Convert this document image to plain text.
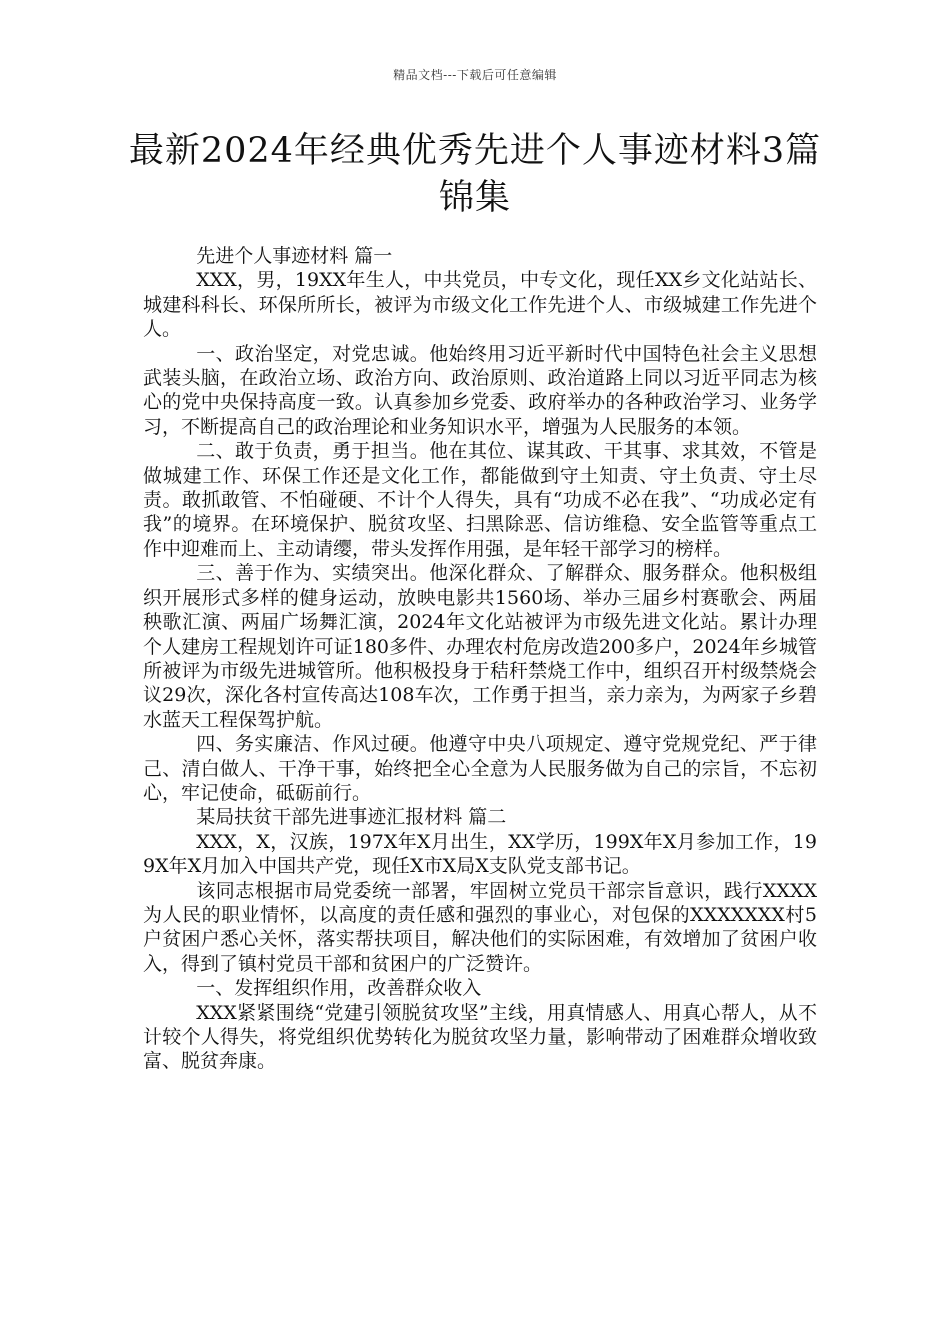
精品文档---下载后可任意编辑
最新2024年经典优秀先进个人事迹材料3篇锦集

先进个人事迹材料 篇一

XXX，男，19XX年生人，中共党员，中专文化，现任XX乡文化站站长、城建科科长、环保所所长，被评为市级文化工作先进个人、市级城建工作先进个人。

一、政治坚定，对党忠诚。他始终用习近平新时代中国特色社会主义思想武装头脑，在政治立场、政治方向、政治原则、政治道路上同以习近平同志为核心的党中央保持高度一致。认真参加乡党委、政府举办的各种政治学习、业务学习，不断提高自己的政治理论和业务知识水平，增强为人民服务的本领。

二、敢于负责，勇于担当。他在其位、谋其政、干其事、求其效，不管是做城建工作、环保工作还是文化工作，都能做到守土知责、守土负责、守土尽责。敢抓敢管、不怕碰硬、不计个人得失，具有“功成不必在我”、“功成必定有我”的境界。在环境保护、脱贫攻坚、扫黑除恶、信访维稳、安全监管等重点工作中迎难而上、主动请缨，带头发挥作用强，是年轻干部学习的榜样。

三、善于作为、实绩突出。他深化群众、了解群众、服务群众。他积极组织开展形式多样的健身运动，放映电影共1560场、举办三届乡村赛歌会、两届秧歌汇演、两届广场舞汇演，2024年文化站被评为市级先进文化站。累计办理个人建房工程规划许可证180多件、办理农村危房改造200多户，2024年乡城管所被评为市级先进城管所。他积极投身于秸秆禁烧工作中，组织召开村级禁烧会议29次，深化各村宣传高达108车次，工作勇于担当，亲力亲为，为两家子乡碧水蓝天工程保驾护航。

四、务实廉洁、作风过硬。他遵守中央八项规定、遵守党规党纪、严于律己、清白做人、干净干事，始终把全心全意为人民服务做为自己的宗旨，不忘初心，牢记使命，砥砺前行。

某局扶贫干部先进事迹汇报材料 篇二

XXX，X，汉族，197X年X月出生，XX学历，199X年X月参加工作，199X年X月加入中国共产党，现任X市X局X支队党支部书记。

该同志根据市局党委统一部署，牢固树立党员干部宗旨意识，践行XXXX为人民的职业情怀，以高度的责任感和强烈的事业心，对包保的XXXXXXX村5户贫困户悉心关怀，落实帮扶项目，解决他们的实际困难，有效增加了贫困户收入，得到了镇村党员干部和贫困户的广泛赞许。

一、发挥组织作用，改善群众收入

XXX紧紧围绕“党建引领脱贫攻坚”主线，用真情感人、用真心帮人，从不计较个人得失，将党组织优势转化为脱贫攻坚力量，影响带动了困难群众增收致富、脱贫奔康。
